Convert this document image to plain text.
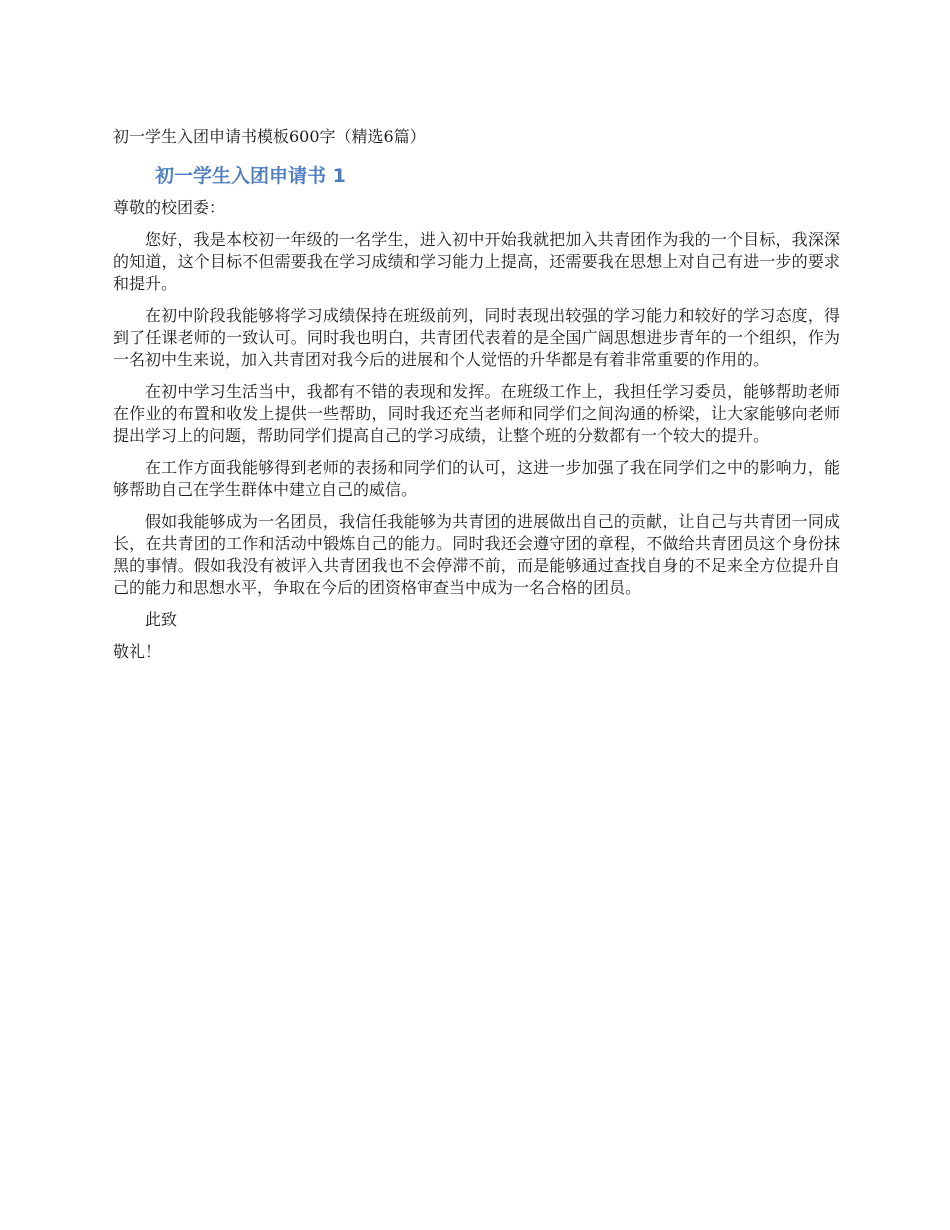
初一学生入团申请书模板600字（精选6篇）
初一学生入团申请书 1
尊敬的校团委：

您好，我是本校初一年级的一名学生，进入初中开始我就把加入共青团作为我的一个目标，我深深的知道，这个目标不但需要我在学习成绩和学习能力上提高，还需要我在思想上对自己有进一步的要求和提升。

在初中阶段我能够将学习成绩保持在班级前列，同时表现出较强的学习能力和较好的学习态度，得到了任课老师的一致认可。同时我也明白，共青团代表着的是全国广阔思想进步青年的一个组织，作为一名初中生来说，加入共青团对我今后的进展和个人觉悟的升华都是有着非常重要的作用的。

在初中学习生活当中，我都有不错的表现和发挥。在班级工作上，我担任学习委员，能够帮助老师在作业的布置和收发上提供一些帮助，同时我还充当老师和同学们之间沟通的桥梁，让大家能够向老师提出学习上的问题，帮助同学们提高自己的学习成绩，让整个班的分数都有一个较大的提升。

在工作方面我能够得到老师的表扬和同学们的认可，这进一步加强了我在同学们之中的影响力，能够帮助自己在学生群体中建立自己的威信。

假如我能够成为一名团员，我信任我能够为共青团的进展做出自己的贡献，让自己与共青团一同成长，在共青团的工作和活动中锻炼自己的能力。同时我还会遵守团的章程，不做给共青团员这个身份抹黑的事情。假如我没有被评入共青团我也不会停滞不前，而是能够通过查找自身的不足来全方位提升自己的能力和思想水平，争取在今后的团资格审查当中成为一名合格的团员。

此致
敬礼！
